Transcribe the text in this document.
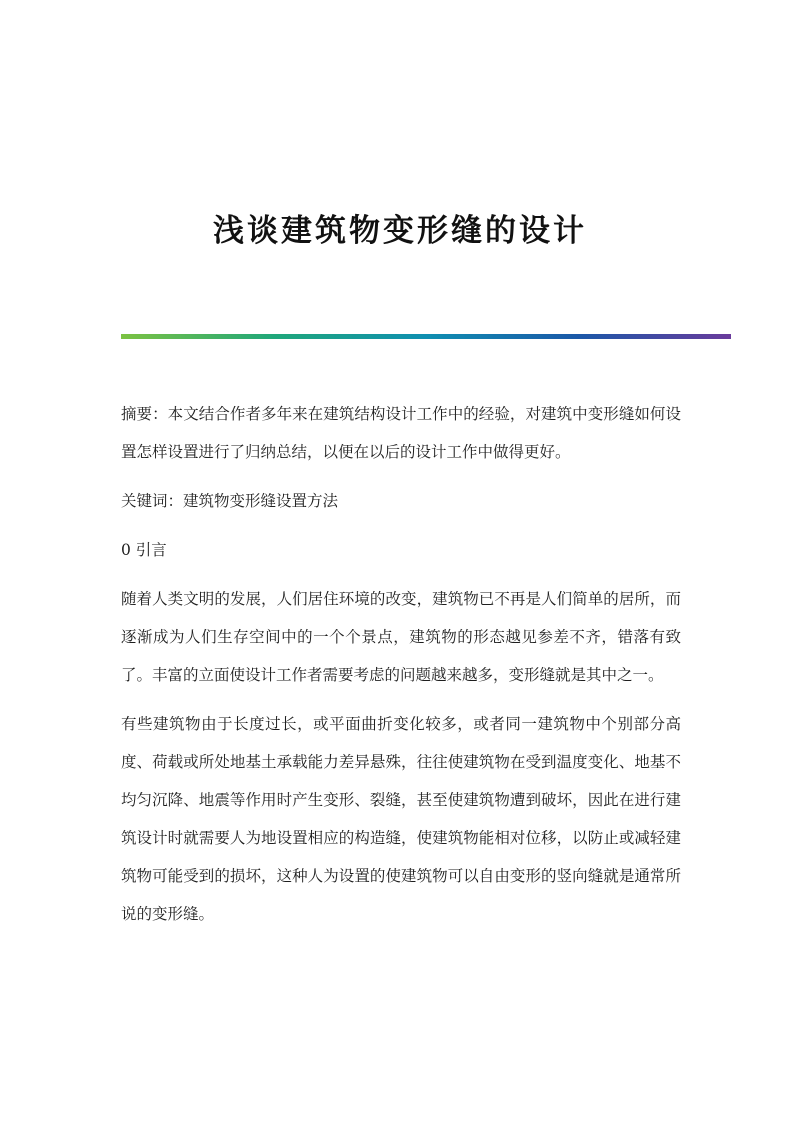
浅谈建筑物变形缝的设计

摘要：本文结合作者多年来在建筑结构设计工作中的经验，对建筑中变形缝如何设置怎样设置进行了归纳总结，以便在以后的设计工作中做得更好。

关键词：建筑物变形缝设置方法

0 引言

随着人类文明的发展，人们居住环境的改变，建筑物已不再是人们简单的居所，而逐渐成为人们生存空间中的一个个景点，建筑物的形态越见参差不齐，错落有致了。丰富的立面使设计工作者需要考虑的问题越来越多，变形缝就是其中之一。

有些建筑物由于长度过长，或平面曲折变化较多，或者同一建筑物中个别部分高度、荷载或所处地基土承载能力差异悬殊，往往使建筑物在受到温度变化、地基不均匀沉降、地震等作用时产生变形、裂缝，甚至使建筑物遭到破坏，因此在进行建筑设计时就需要人为地设置相应的构造缝，使建筑物能相对位移，以防止或减轻建筑物可能受到的损坏，这种人为设置的使建筑物可以自由变形的竖向缝就是通常所说的变形缝。
